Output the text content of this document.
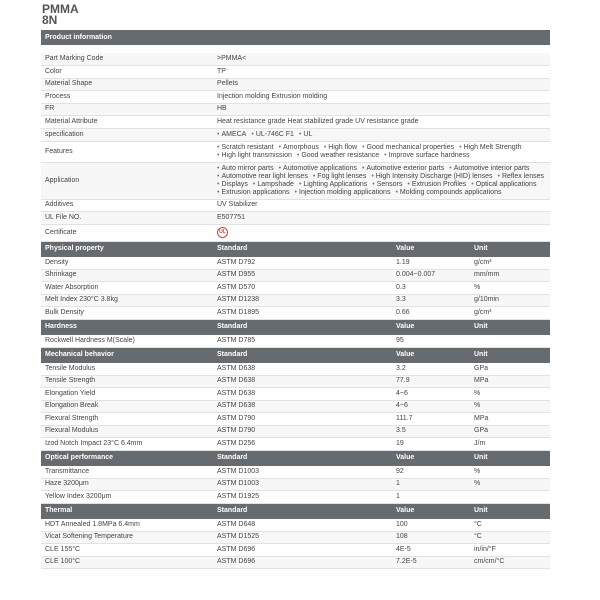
PMMA
8N
Product information			

Part Marking Code	>PMMA<		
Color	TP		
Material Shape	Pellets		
Process	Injection molding Extrusion molding		
FR	HB		
Material Attribute	Heat resistance grade Heat stabilized grade UV resistance grade		
specification	• AMECA • UL-746C F1 • UL
Features	• Scratch resistant • Amorphous • High flow • Good mechanical properties • High Melt Strength• High light transmission • Good weather resistance • Improve surface hardness
Application	• Auto mirror parts • Automotive applications • Automotive exterior parts • Automotive interior parts• Automotive rear light lenses • Fog light lenses • High Intensity Discharge (HID) lenses • Reflex lenses• Displays • Lampshade • Lighting Applications • Sensors • Extrusion Profiles • Optical applications• Extrusion applications • Injection molding applications • Molding compounds applications
Additives	UV Stabilizer		
UL File NO.	E507751		
Certificate	UL		
Physical property	Standard	Value	Unit
Density	ASTM D792	1.19	g/cm³
Shrinkage	ASTM D955	0.004~0.007	mm/mm
Water Absorption	ASTM D570	0.3	%
Melt Index 230°C 3.8kg	ASTM D1238	3.3	g/10min
Bulk Density	ASTM D1895	0.66	g/cm³
Hardness	Standard	Value	Unit
Rockwell Hardness M(Scale)	ASTM D785	95	
Mechanical behavior	Standard	Value	Unit
Tensile Modulus	ASTM D638	3.2	GPa
Tensile Strength	ASTM D638	77.9	MPa
Elongation Yield	ASTM D638	4~6	%
Elongation Break	ASTM D638	4~6	%
Flexural Strength	ASTM D790	111.7	MPa
Flexural Modulus	ASTM D790	3.5	GPa
Izod Notch Impact 23°C 6.4mm	ASTM D256	19	J/m
Optical performance	Standard	Value	Unit
Transmittance	ASTM D1003	92	%
Haze 3200μm	ASTM D1003	1	%
Yellow Index 3200μm	ASTM D1925	1	
Thermal	Standard	Value	Unit
HDT Annealed 1.8MPa 6.4mm	ASTM D648	100	°C
Vicat Softening Temperature	ASTM D1525	108	°C
CLE 155°C	ASTM D696	4E-5	in/in/°F
CLE 100°C	ASTM D696	7.2E-5	cm/cm/°C
